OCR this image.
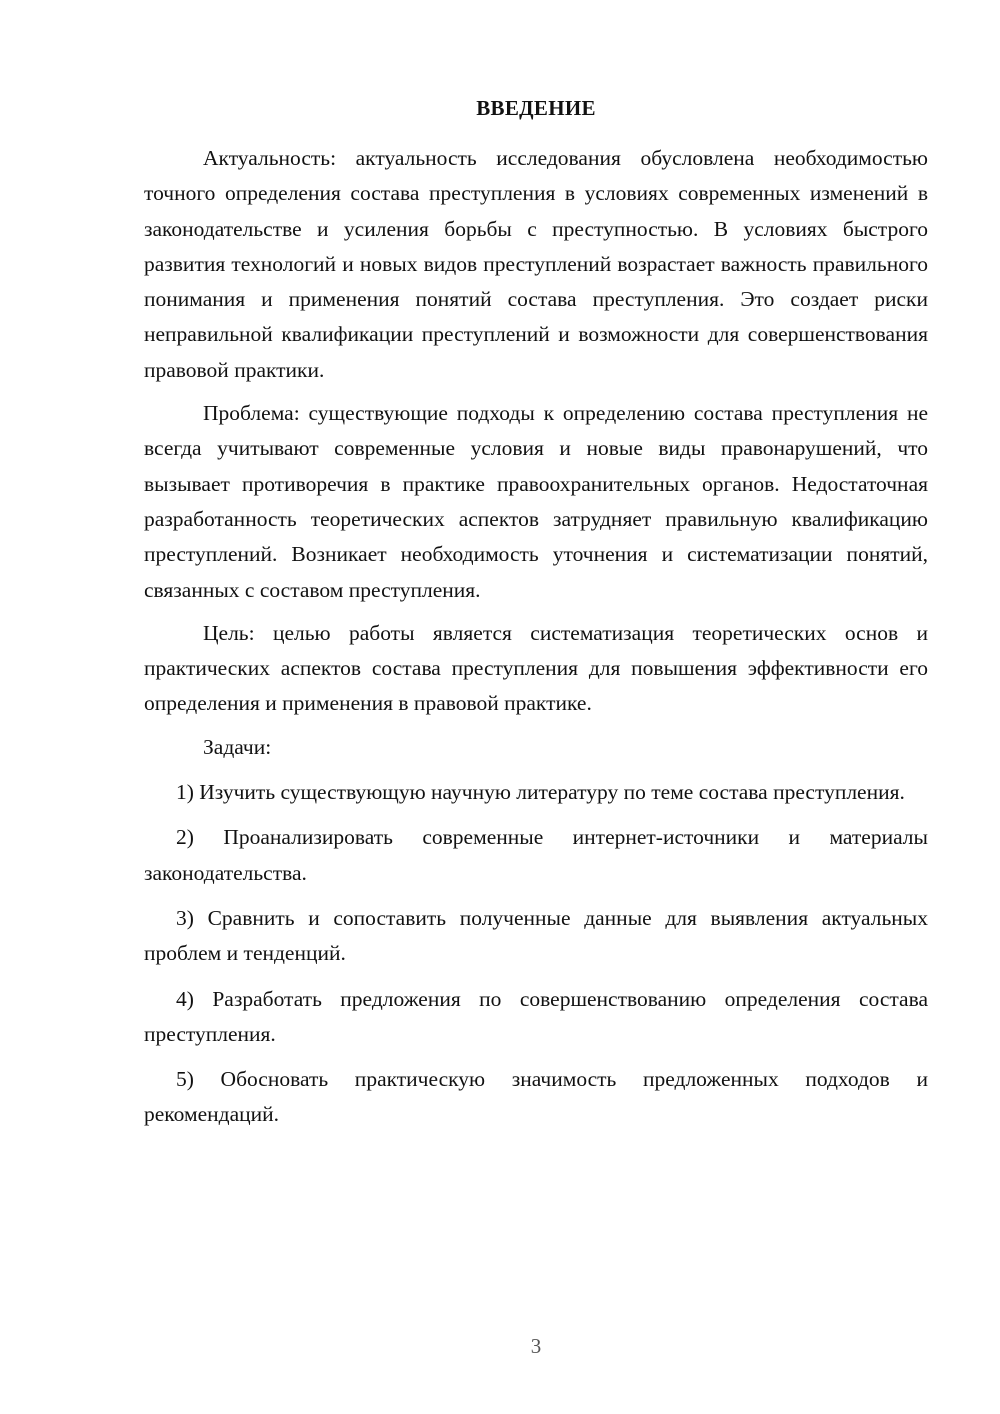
ВВЕДЕНИЕ

Актуальность: актуальность исследования обусловлена необходимостью точного определения состава преступления в условиях современных изменений в законодательстве и усиления борьбы с преступностью. В условиях быстрого развития технологий и новых видов преступлений возрастает важность правильного понимания и применения понятий состава преступления. Это создает риски неправильной квалификации преступлений и возможности для совершенствования правовой практики.

Проблема: существующие подходы к определению состава преступления не всегда учитывают современные условия и новые виды правонарушений, что вызывает противоречия в практике правоохранительных органов. Недостаточная разработанность теоретических аспектов затрудняет правильную квалификацию преступлений. Возникает необходимость уточнения и систематизации понятий, связанных с составом преступления.

Цель: целью работы является систематизация теоретических основ и практических аспектов состава преступления для повышения эффективности его определения и применения в правовой практике.

Задачи:

1) Изучить существующую научную литературу по теме состава преступления.

2) Проанализировать современные интернет-источники и материалы законодательства.

3) Сравнить и сопоставить полученные данные для выявления актуальных проблем и тенденций.

4) Разработать предложения по совершенствованию определения состава преступления.

5) Обосновать практическую значимость предложенных подходов и рекомендаций.

3
